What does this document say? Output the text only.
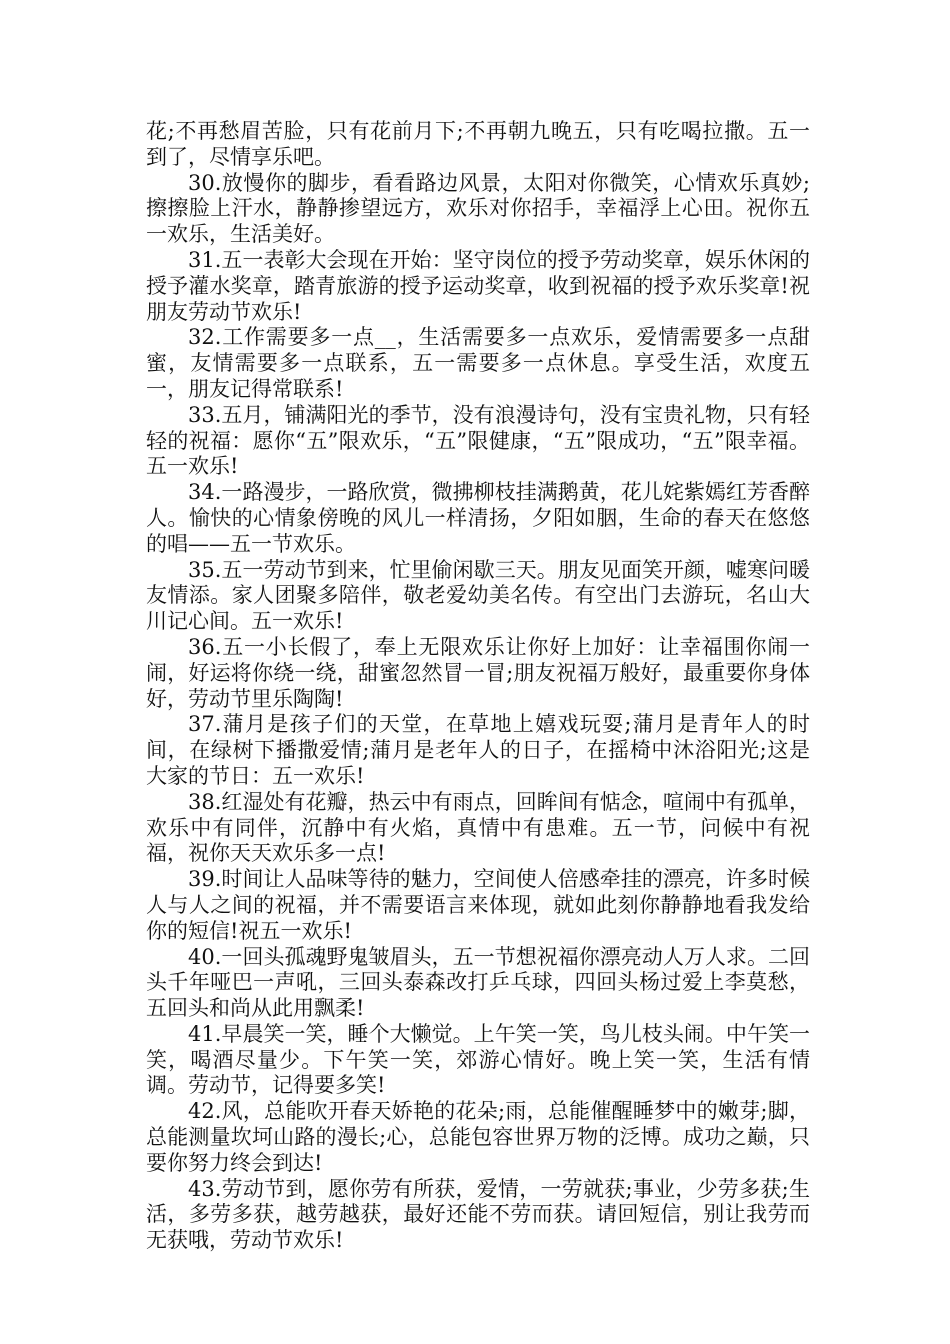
花;不再愁眉苦脸，只有花前月下;不再朝九晚五，只有吃喝拉撒。五一到了，尽情享乐吧。

30.放慢你的脚步，看看路边风景，太阳对你微笑，心情欢乐真妙;擦擦脸上汗水，静静掺望远方，欢乐对你招手，幸福浮上心田。祝你五一欢乐，生活美好。

31.五一表彰大会现在开始：坚守岗位的授予劳动奖章，娱乐休闲的授予灌水奖章，踏青旅游的授予运动奖章，收到祝福的授予欢乐奖章!祝朋友劳动节欢乐!

32.工作需要多一点__，生活需要多一点欢乐，爱情需要多一点甜蜜，友情需要多一点联系，五一需要多一点休息。享受生活，欢度五一，朋友记得常联系!

33.五月，铺满阳光的季节，没有浪漫诗句，没有宝贵礼物，只有轻轻的祝福：愿你“五”限欢乐，“五”限健康，“五”限成功，“五”限幸福。五一欢乐!

34.一路漫步，一路欣赏，微拂柳枝挂满鹅黄，花儿姹紫嫣红芳香醉人。愉快的心情象傍晚的风儿一样清扬，夕阳如胭，生命的春天在悠悠的唱——五一节欢乐。

35.五一劳动节到来，忙里偷闲歇三天。朋友见面笑开颜，嘘寒问暖友情添。家人团聚多陪伴，敬老爱幼美名传。有空出门去游玩，名山大川记心间。五一欢乐!

36.五一小长假了，奉上无限欢乐让你好上加好：让幸福围你闹一闹，好运将你绕一绕，甜蜜忽然冒一冒;朋友祝福万般好，最重要你身体好，劳动节里乐陶陶!

37.蒲月是孩子们的天堂，在草地上嬉戏玩耍;蒲月是青年人的时间，在绿树下播撒爱情;蒲月是老年人的日子，在摇椅中沐浴阳光;这是大家的节日：五一欢乐!

38.红湿处有花瓣，热云中有雨点，回眸间有惦念，喧闹中有孤单，欢乐中有同伴，沉静中有火焰，真情中有患难。五一节，问候中有祝福，祝你天天欢乐多一点!

39.时间让人品味等待的魅力，空间使人倍感牵挂的漂亮，许多时候人与人之间的祝福，并不需要语言来体现，就如此刻你静静地看我发给你的短信!祝五一欢乐!

40.一回头孤魂野鬼皱眉头，五一节想祝福你漂亮动人万人求。二回头千年哑巴一声吼，三回头泰森改打乒乓球，四回头杨过爱上李莫愁，五回头和尚从此用飘柔!

41.早晨笑一笑，睡个大懒觉。上午笑一笑，鸟儿枝头闹。中午笑一笑，喝酒尽量少。下午笑一笑，郊游心情好。晚上笑一笑，生活有情调。劳动节，记得要多笑!

42.风，总能吹开春天娇艳的花朵;雨，总能催醒睡梦中的嫩芽;脚，总能测量坎坷山路的漫长;心，总能包容世界万物的泛博。成功之巅，只要你努力终会到达!

43.劳动节到，愿你劳有所获，爱情，一劳就获;事业，少劳多获;生活，多劳多获，越劳越获，最好还能不劳而获。请回短信，别让我劳而无获哦，劳动节欢乐!
